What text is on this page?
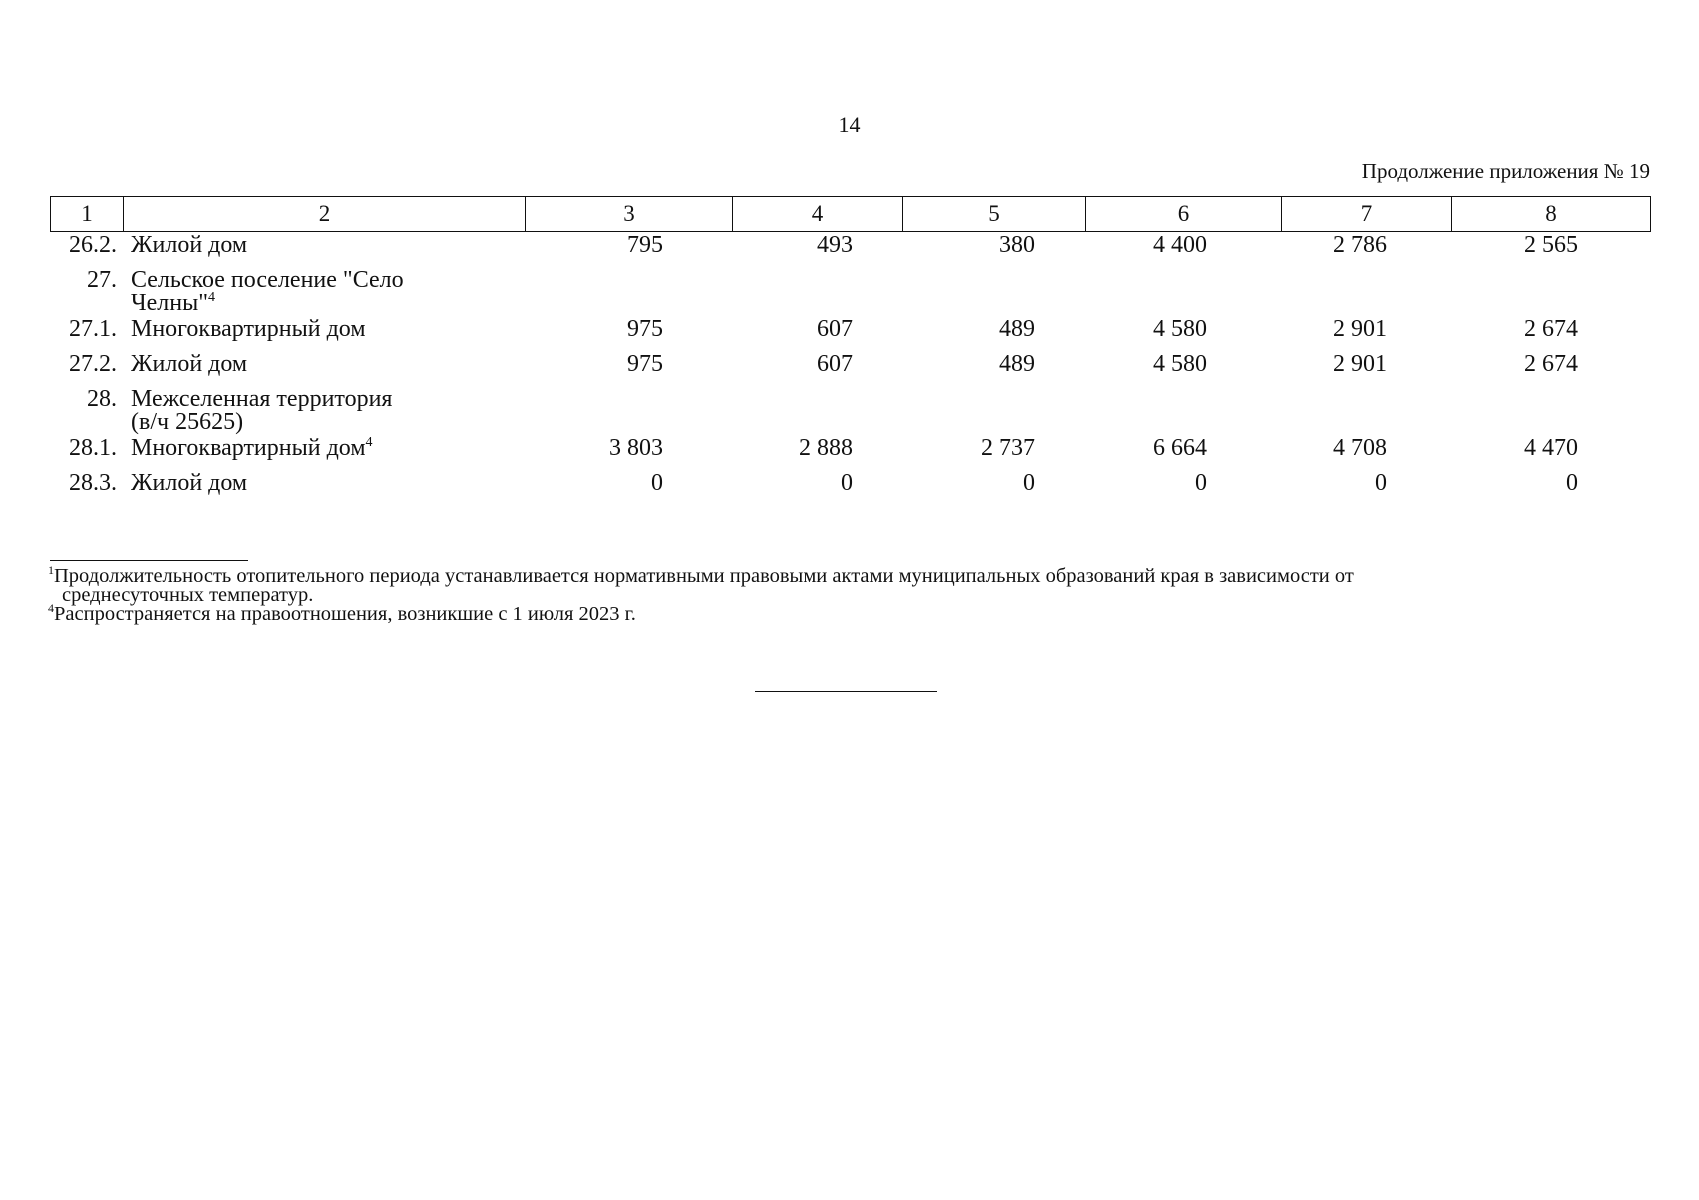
14
Продолжение приложения № 19
1	2	3	4	5	6	7	8
26.2.	Жилой дом	795	493	380	4 400	2 786	2 565
27.	Сельское поселение "Село
Челны"$^4$						
27.1.	Многоквартирный дом	975	607	489	4 580	2 901	2 674
27.2.	Жилой дом	975	607	489	4 580	2 901	2 674
28.	Межселенная территория
(в/ч 25625)						
28.1.	Многоквартирный дом$^4$	3 803	2 888	2 737	6 664	4 708	4 470
28.3.	Жилой дом	0	0	0	0	0	0

$^1$Продолжительность отопительного периода устанавливается нормативными правовыми актами муниципальных образований края в зависимости от

среднесуточных температур.

$^4$Распространяется на правоотношения, возникшие с 1 июля 2023 г.
